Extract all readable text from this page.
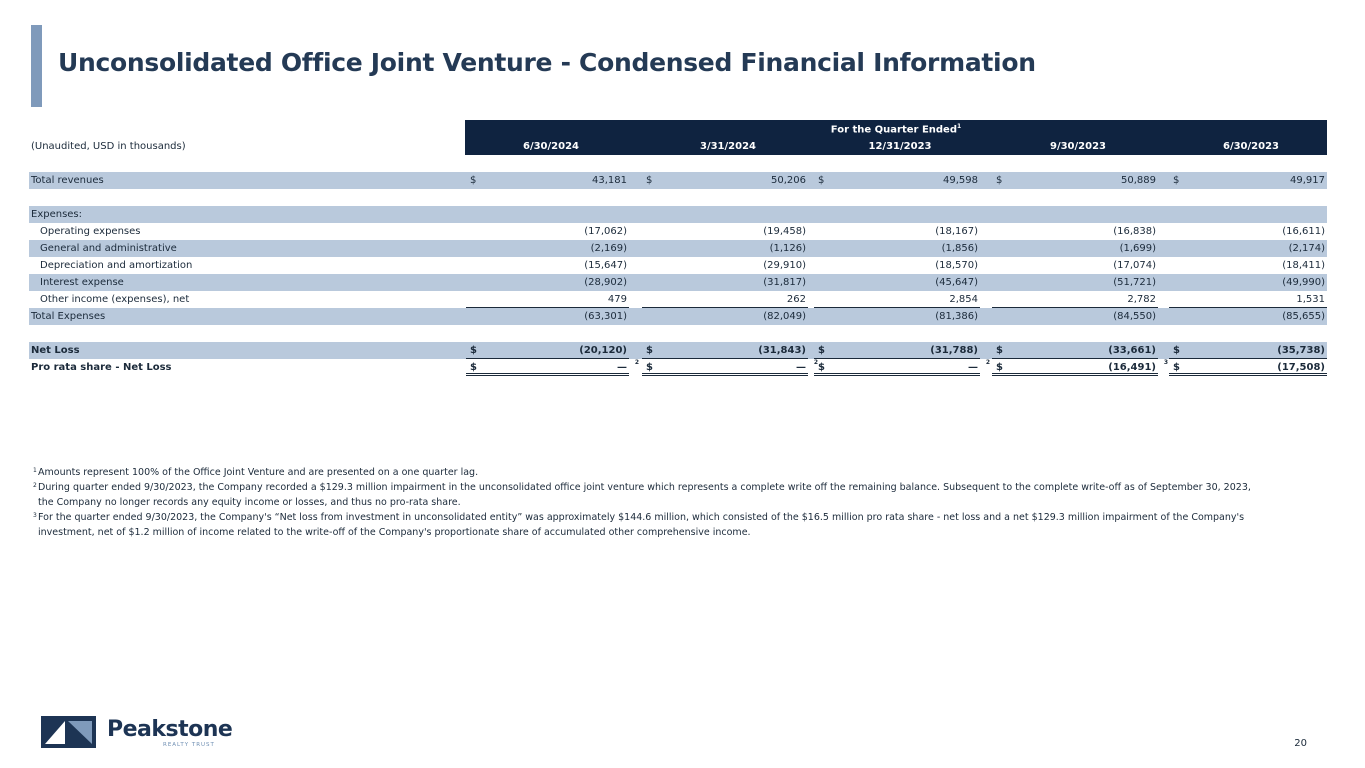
Unconsolidated Office Joint Venture - Condensed Financial Information
For the Quarter Ended$^1$
(Unaudited, USD in thousands)	6/30/2024	3/31/2024	12/31/2023	9/30/2023	6/30/2023
Total revenues	$	43,181 $	50,206 $	49,598 $	50,889 $	49,917
Expenses:
Operating expenses	(17,062)	(19,458)	(18,167)	(16,838)	(16,611)
General and administrative	(2,169)	(1,126)	(1,856)	(1,699)	(2,174)
Depreciation and amortization	(15,647)	(29,910)	(18,570)	(17,074)	(18,411)
Interest expense	(28,902)	(31,817)	(45,647)	(51,721)	(49,990)
Other income (expenses), net	479	262	2,854	2,782	1,531
Total Expenses	(63,301)	(82,049)	(81,386)	(84,550)	(85,655)
Net Loss	$	(20,120) $	(31,843) $	(31,788) $	(33,661) $	(35,738)
Pro rata share - Net Loss	$	— 2 $	— 2 $	— 2 $	(16,491) 3 $	(17,508)
1 Amounts represent 100% of the Office Joint Venture and are presented on a one quarter lag.
2 During quarter ended 9/30/2023, the Company recorded a $129.3 million impairment in the unconsolidated office joint venture which represents a complete write off the remaining balance. Subsequent to the complete write-off as of September 30, 2023, the Company no longer records any equity income or losses, and thus no pro-rata share.
3 For the quarter ended 9/30/2023, the Company's “Net loss from investment in unconsolidated entity” was approximately $144.6 million, which consisted of the $16.5 million pro rata share - net loss and a net $129.3 million impairment of the Company's investment, net of $1.2 million of income related to the write-off of the Company's proportionate share of accumulated other comprehensive income.
Peakstone
REALTY TRUST	20
